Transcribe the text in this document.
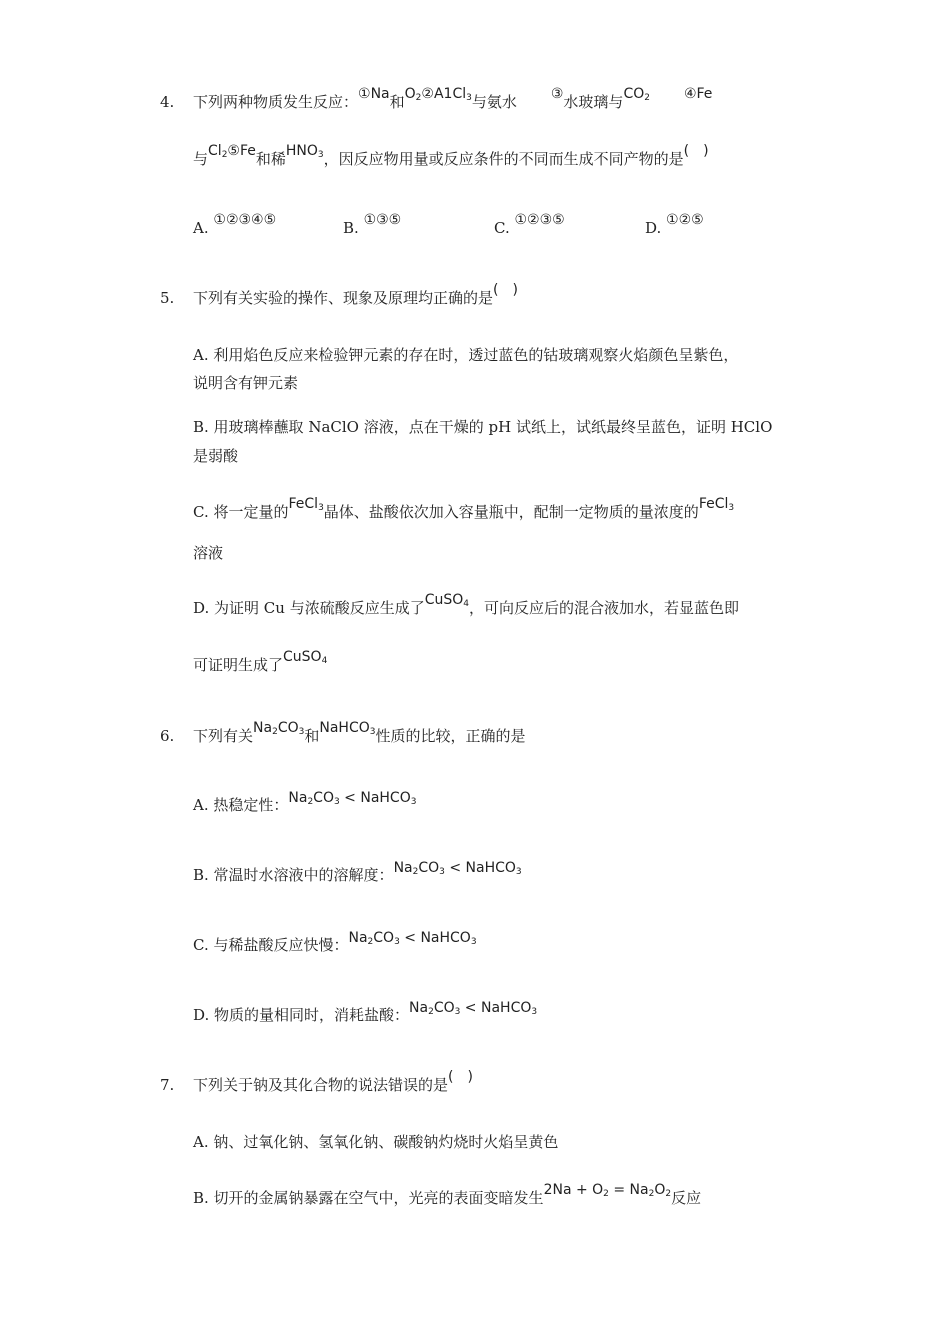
4. 下列两种物质发生反应：①Na和$O_2②A1Cl_3$与氨水 ③水玻璃与$CO_2$ ④Fe
与$Cl_2⑤Fe$和稀$HNO_3$，因反应物用量或反应条件的不同而生成不同产物的是(　)
A. ①②③④⑤	B. ①③⑤	C. ①②③⑤	D. ①②⑤
5. 下列有关实验的操作、现象及原理均正确的是(　)
A. 利用焰色反应来检验钾元素的存在时，透过蓝色的钴玻璃观察火焰颜色呈紫色，
说明含有钾元素
B. 用玻璃棒蘸取 NaClO 溶液，点在干燥的 pH 试纸上，试纸最终呈蓝色，证明 HClO
是弱酸
C. 将一定量的FeCl$_3$晶体、盐酸依次加入容量瓶中，配制一定物质的量浓度的FeCl$_3$
溶液
D. 为证明 Cu 与浓硫酸反应生成了CuSO$_4$，可向反应后的混合液加水，若显蓝色即
可证明生成了CuSO$_4$
6. 下列有关$Na_2CO_3$和NaHCO$_3$性质的比较，正确的是
A. 热稳定性：$Na_2CO_3$ < NaHCO$_3$
B. 常温时水溶液中的溶解度：$Na_2CO_3$ < NaHCO$_3$
C. 与稀盐酸反应快慢：$Na_2CO_3$ < NaHCO$_3$
D. 物质的量相同时，消耗盐酸：$Na_2CO_3$ < NaHCO$_3$
7. 下列关于钠及其化合物的说法错误的是(　)
A. 钠、过氧化钠、氢氧化钠、碳酸钠灼烧时火焰呈黄色
B. 切开的金属钠暴露在空气中，光亮的表面变暗发生$2Na + O_2 = Na_2O_2$反应
